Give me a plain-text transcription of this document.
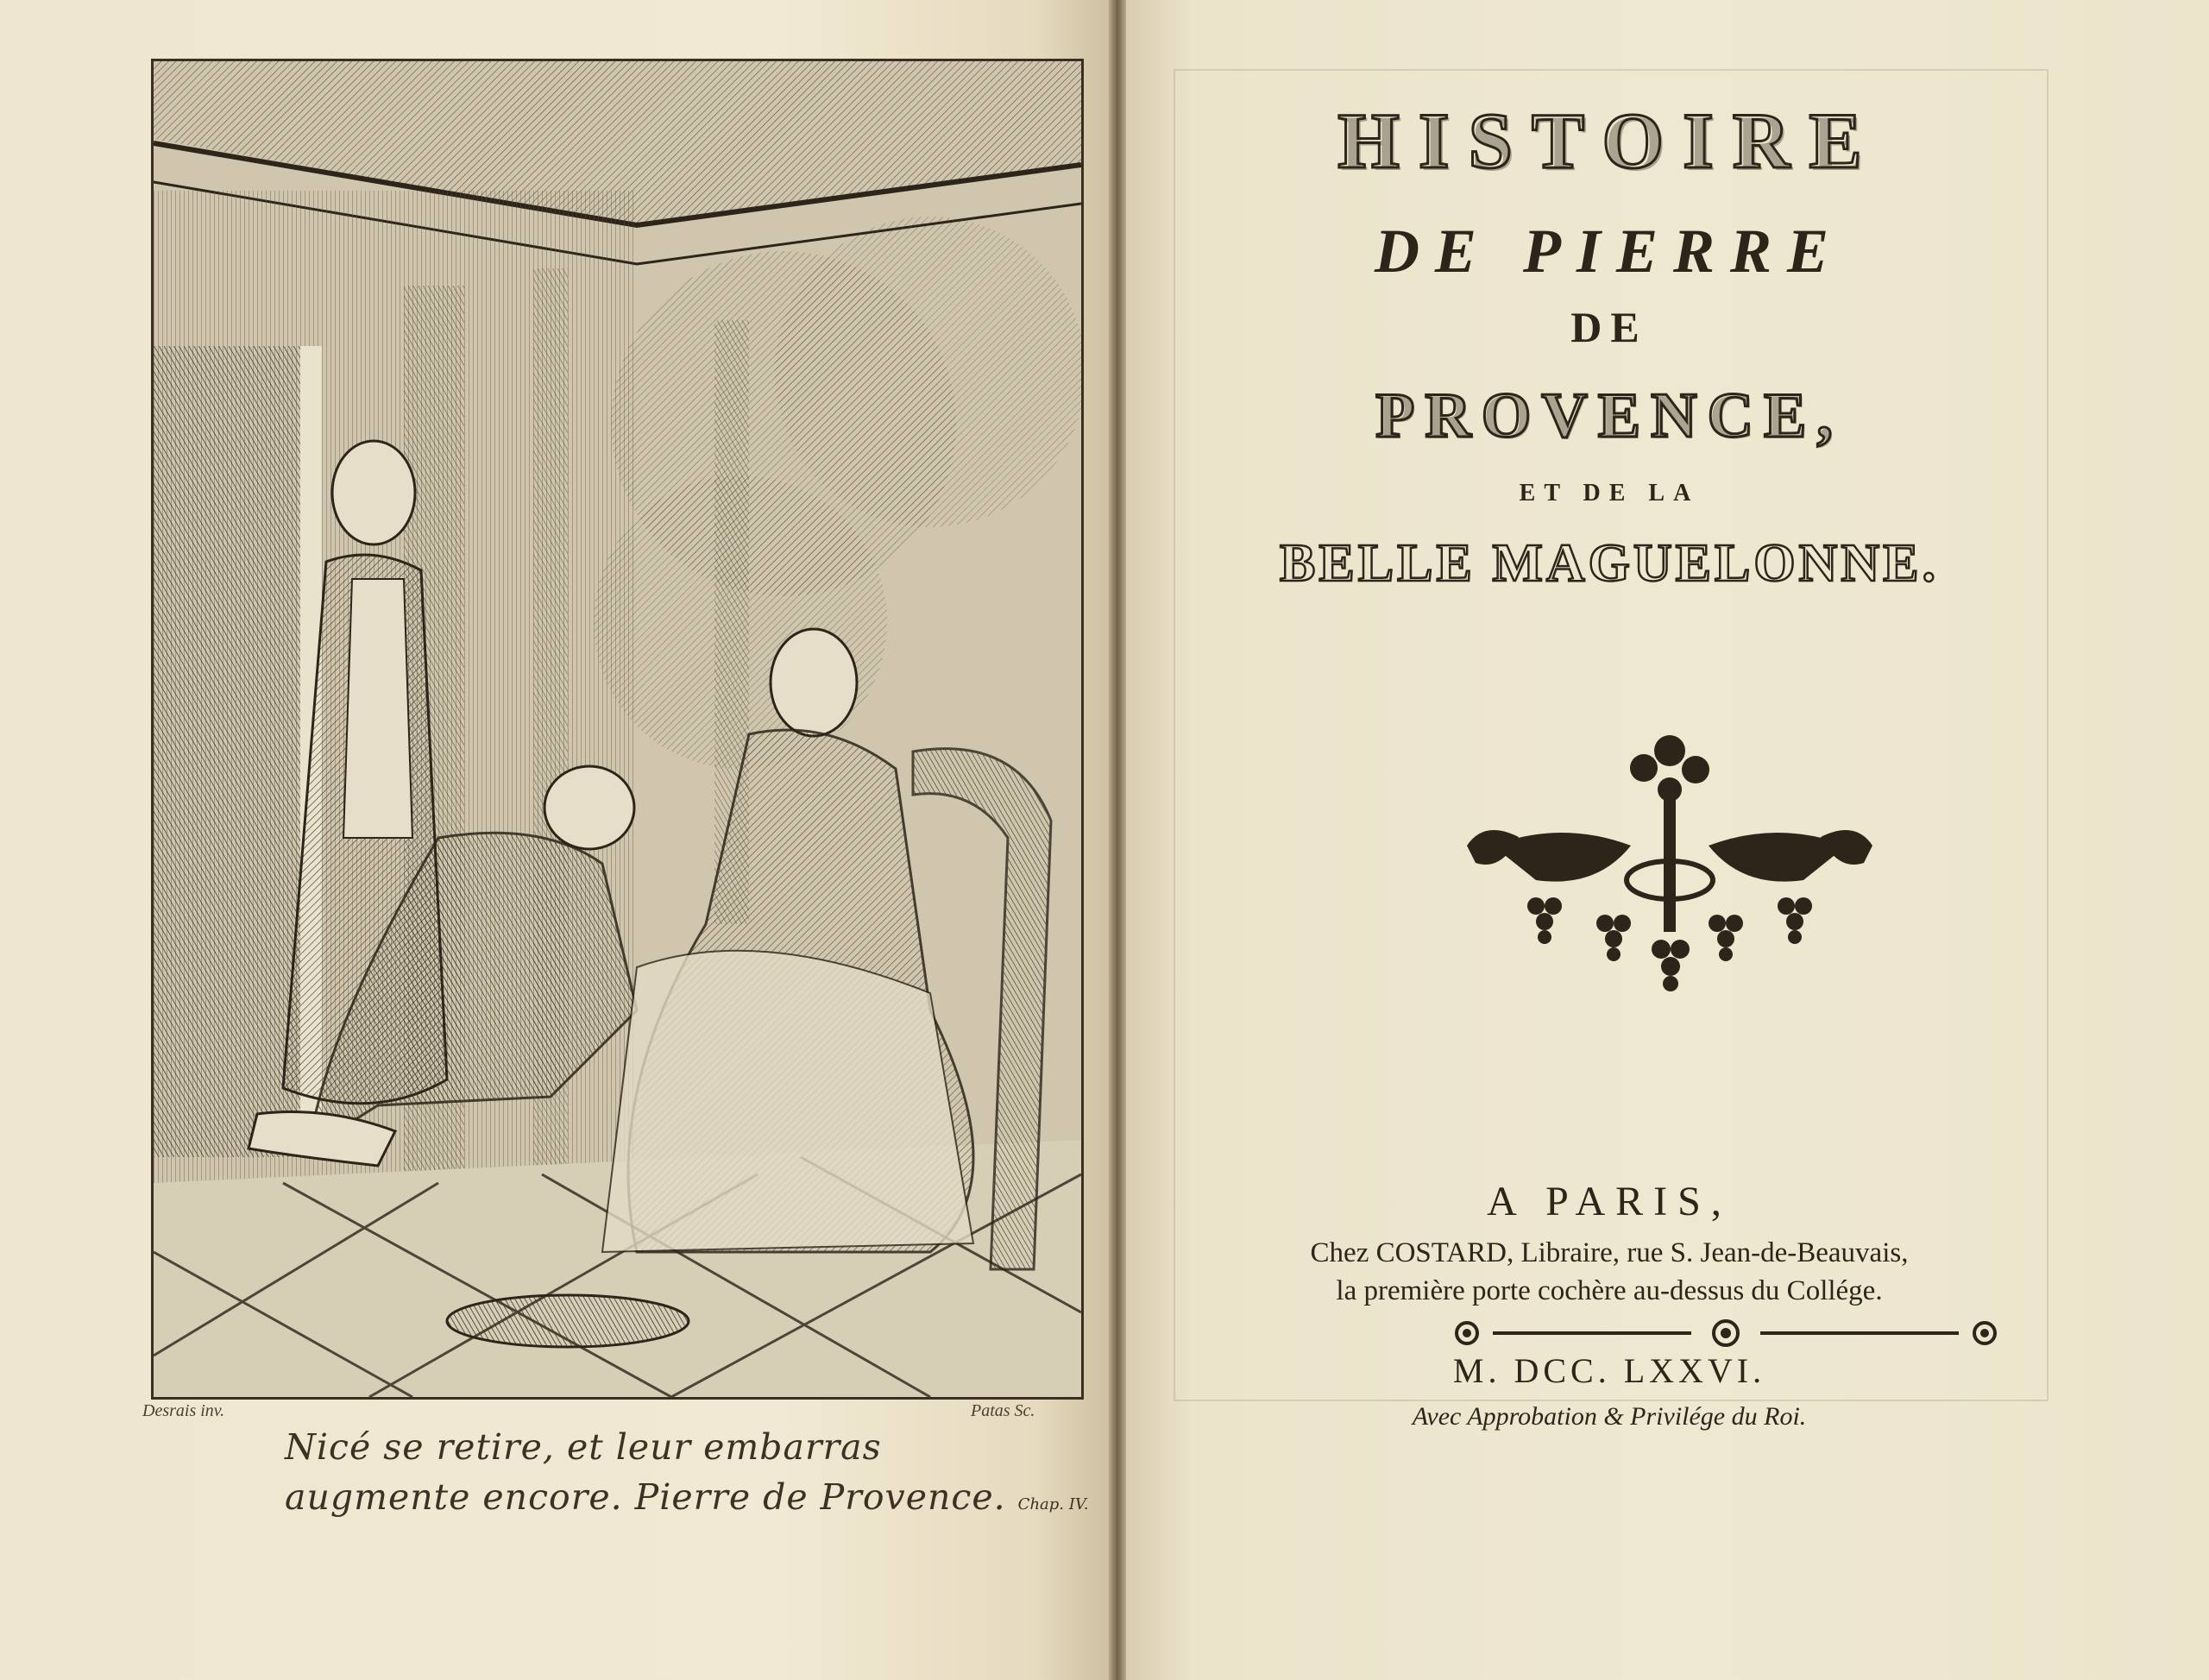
Desrais inv.	Patas Sc.
Nicé se retire, et leur embarras
augmente encore. Pierre de Provence. Chap. IV.
HISTOIRE
DE PIERRE
DE
PROVENCE,
ET DE LA
BELLE MAGUELONNE.
A PARIS,
Chez COSTARD, Libraire, rue S. Jean-de-Beauvais,
la première porte cochère au-dessus du Collége.
M. DCC. LXXVI.
Avec Approbation & Privilége du Roi.
